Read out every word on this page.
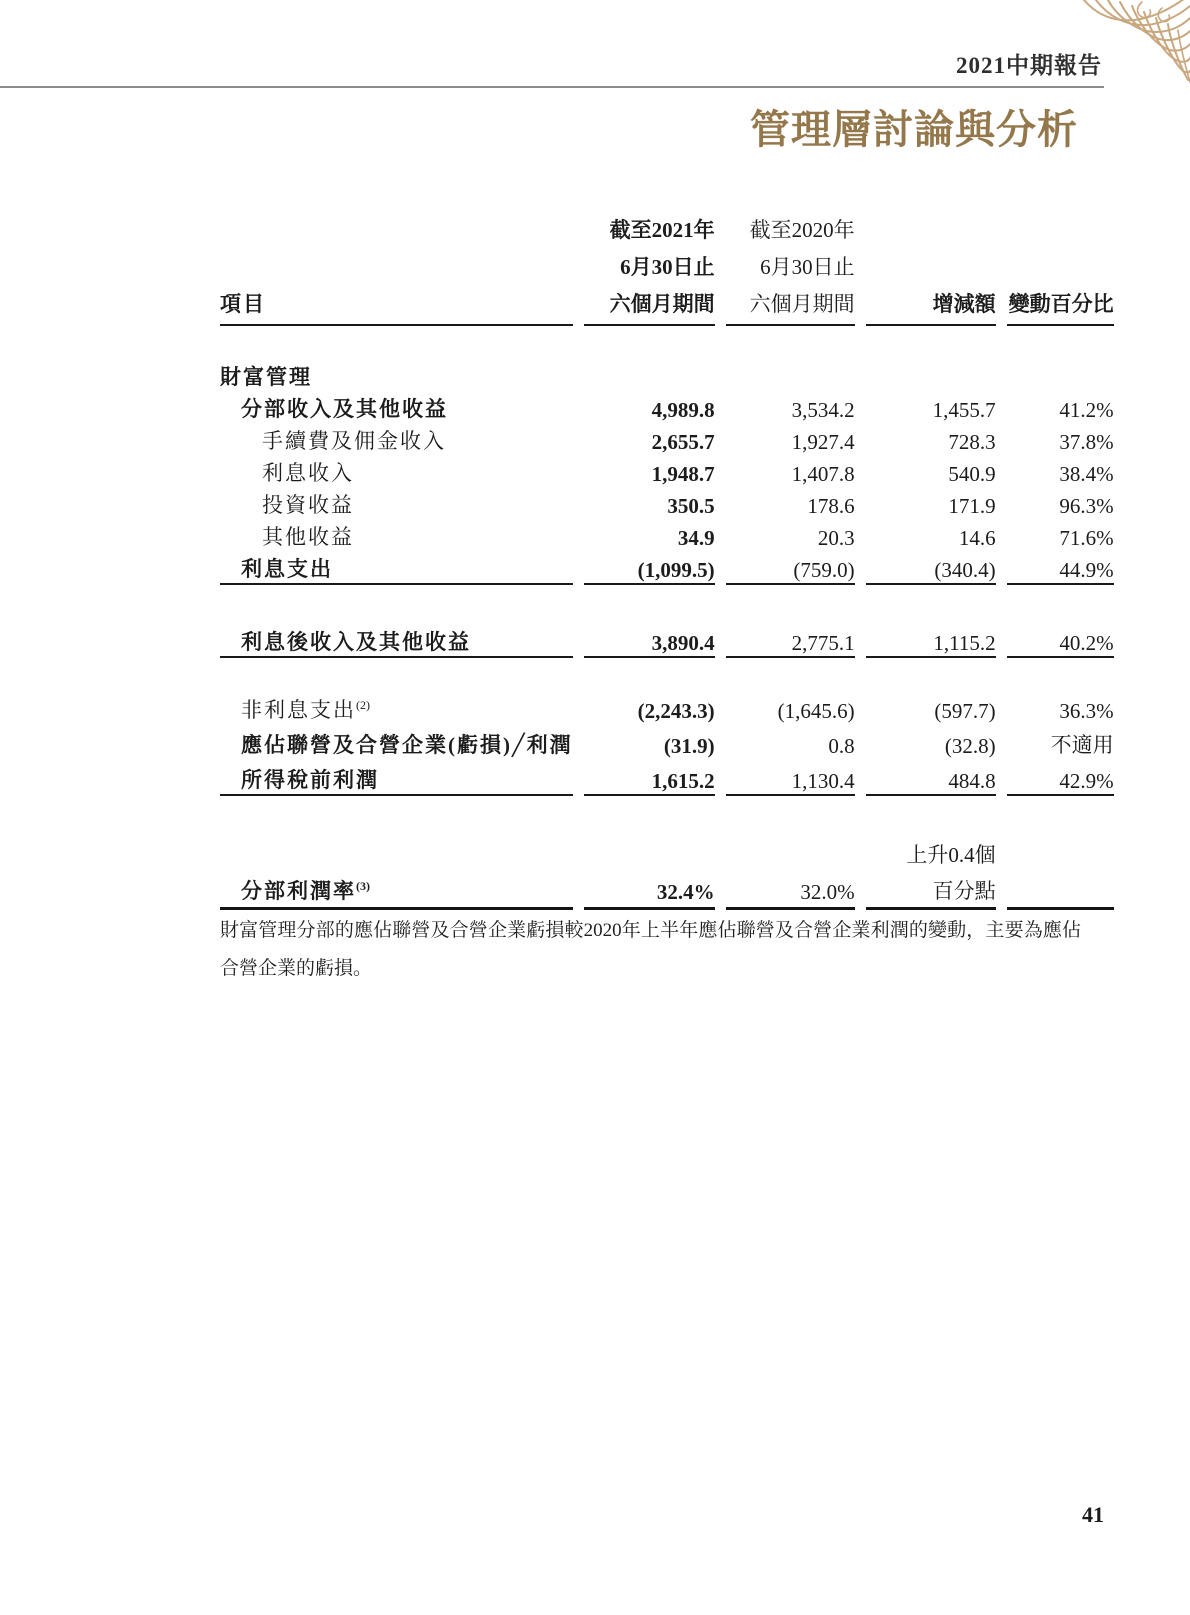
2021中期報告
管理層討論與分析
	截至2021年	截至2020年		
	6月30日止	6月30日止		
項目	六個月期間	六個月期間	增減額	變動百分比

財富管理				
分部收入及其他收益	4,989.8	3,534.2	1,455.7	41.2%
手續費及佣金收入	2,655.7	1,927.4	728.3	37.8%
利息收入	1,948.7	1,407.8	540.9	38.4%
投資收益	350.5	178.6	171.9	96.3%
其他收益	34.9	20.3	14.6	71.6%
利息支出	(1,099.5)	(759.0)	(340.4)	44.9%

利息後收入及其他收益	3,890.4	2,775.1	1,115.2	40.2%

非利息支出$^{(2)}$	(2,243.3)	(1,645.6)	(597.7)	36.3%
應佔聯營及合營企業(虧損)╱利潤	(31.9)	0.8	(32.8)	不適用
所得稅前利潤	1,615.2	1,130.4	484.8	42.9%

			上升0.4個	
分部利潤率$^{(3)}$	32.4%	32.0%	百分點	
財富管理分部的應佔聯營及合營企業虧損較2020年上半年應佔聯營及合營企業利潤的變動，主要為應佔合營企業的虧損。
41
